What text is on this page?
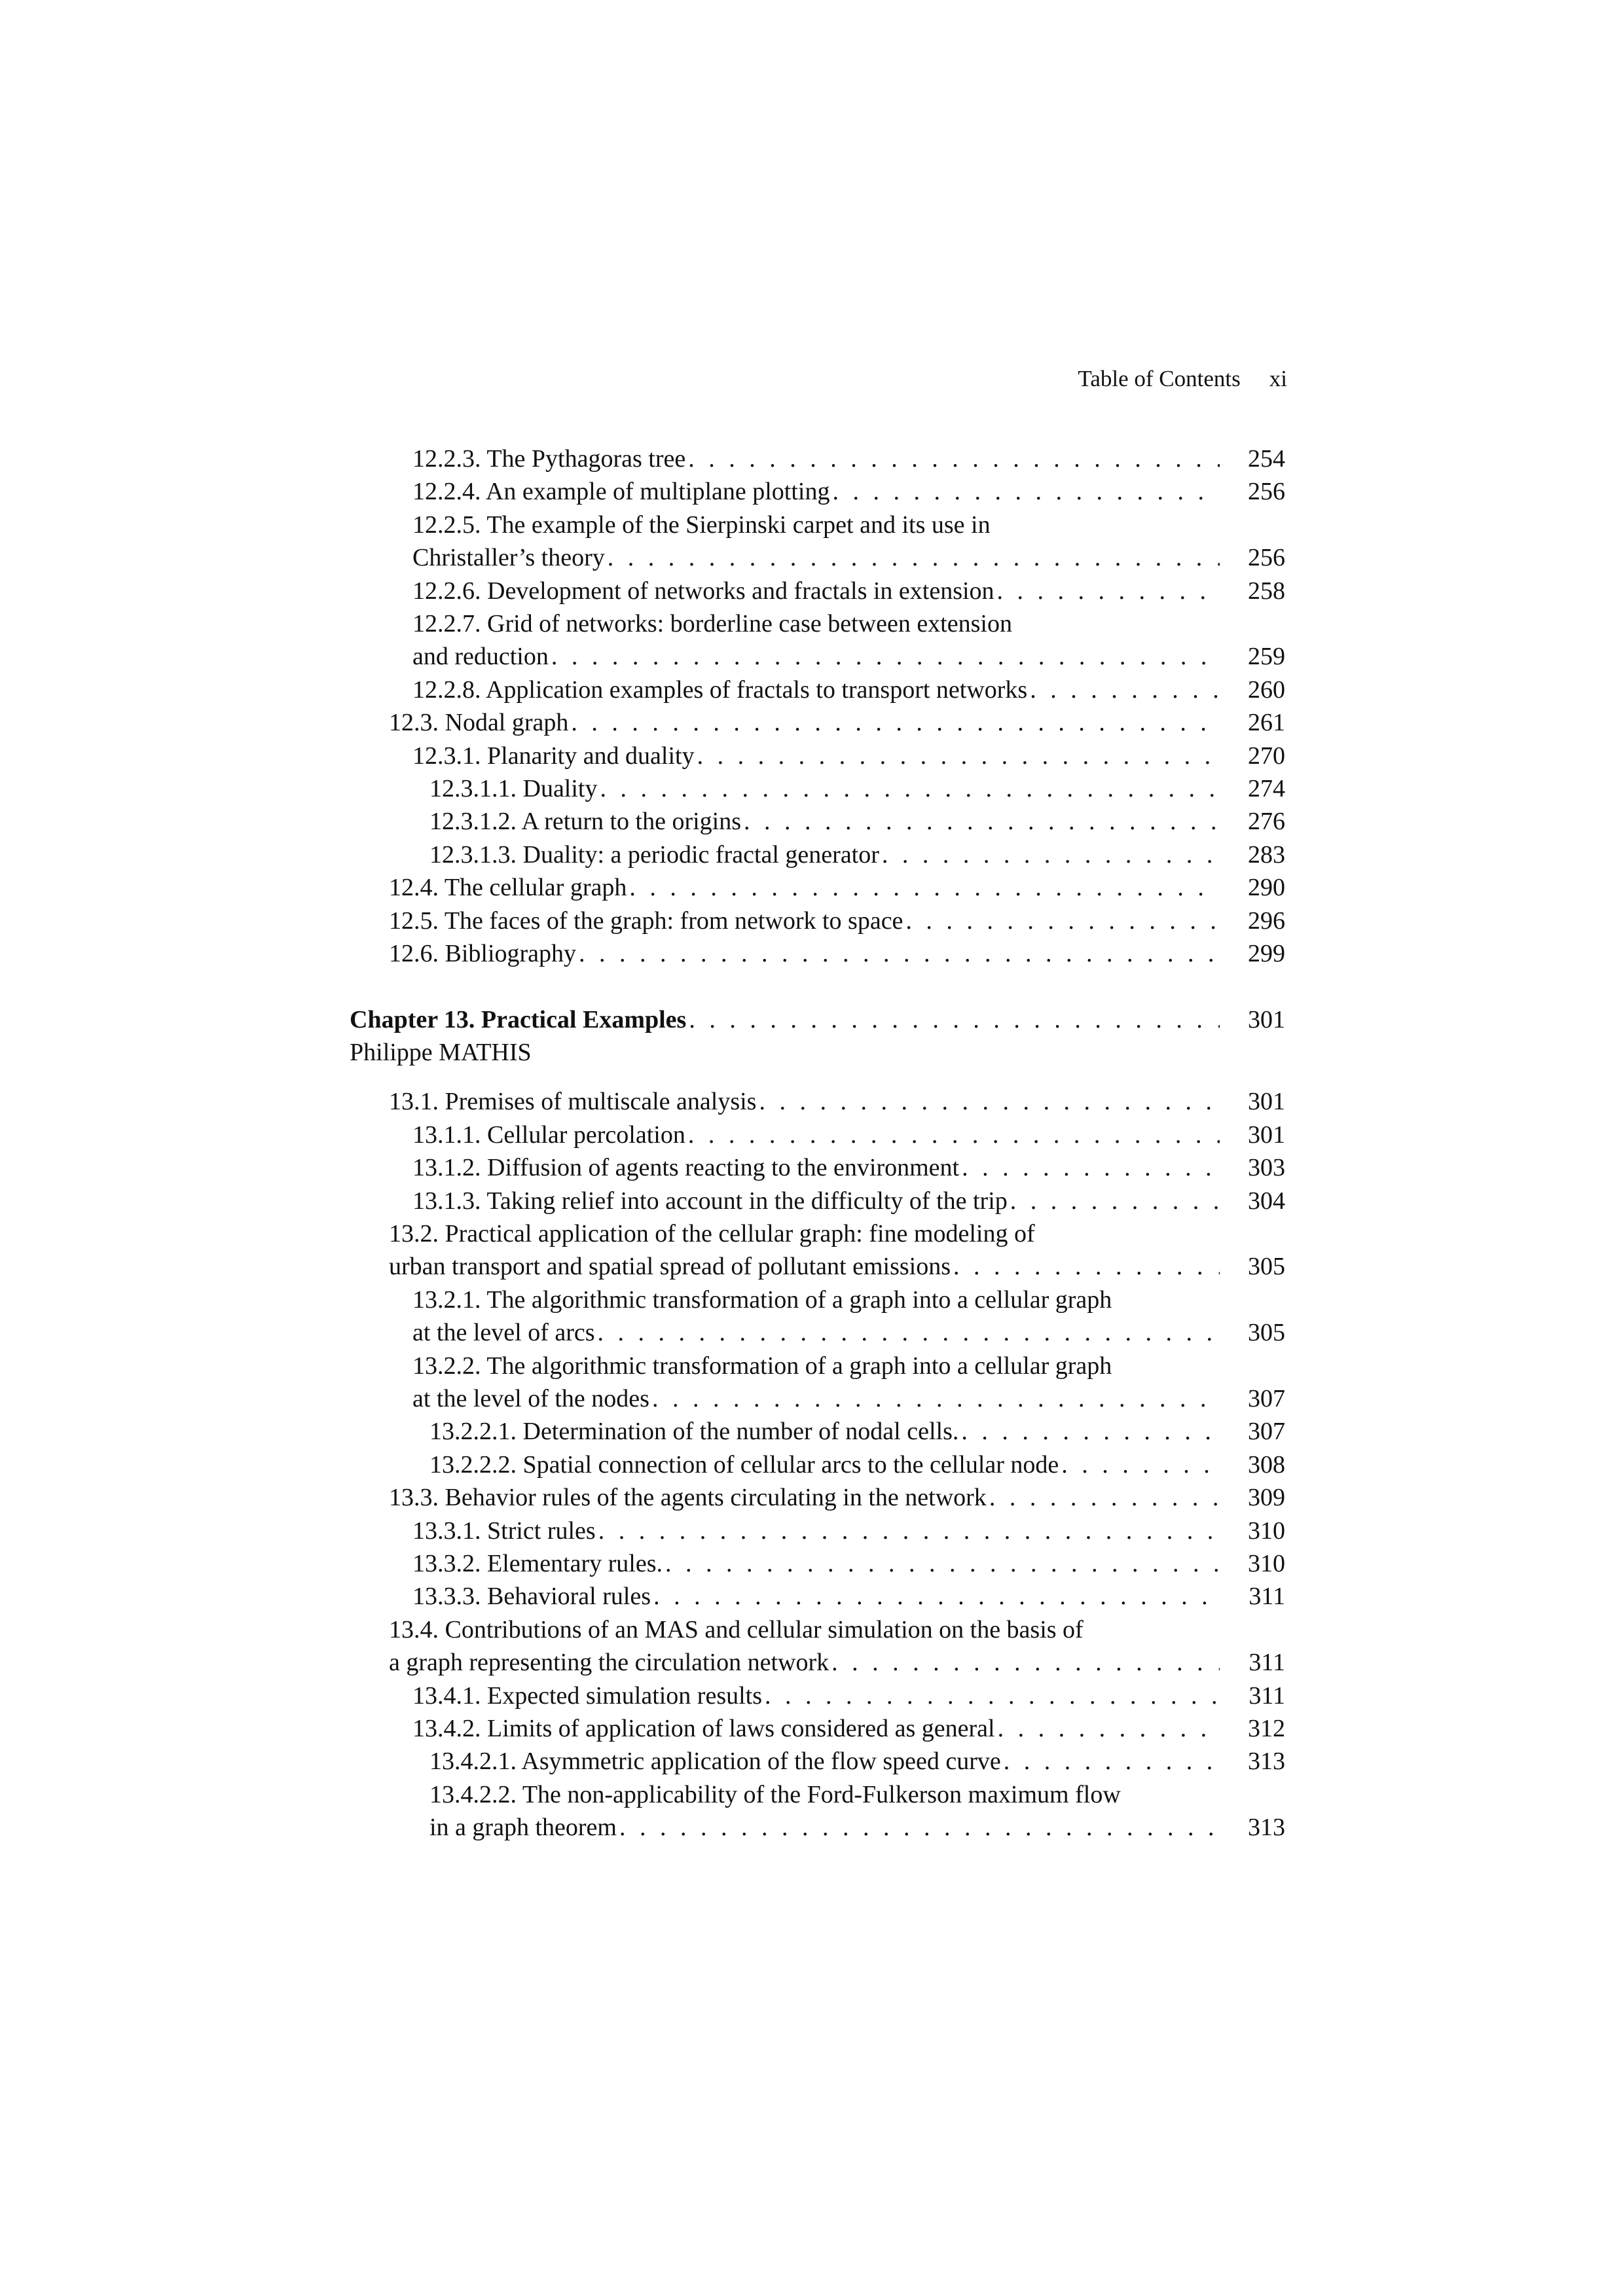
Table of Contents xi
12.2.3. The Pythagoras tree . . .	254
12.2.4. An example of multiplane plotting . . .	256
12.2.5. The example of the Sierpinski carpet and its use in
Christaller’s theory . . .	256
12.2.6. Development of networks and fractals in extension . . .	258
12.2.7. Grid of networks: borderline case between extension
and reduction . . .	259
12.2.8. Application examples of fractals to transport networks . . .	260
12.3. Nodal graph . . .	261
12.3.1. Planarity and duality . . .	270
12.3.1.1. Duality . . .	274
12.3.1.2. A return to the origins . . .	276
12.3.1.3. Duality: a periodic fractal generator . . .	283
12.4. The cellular graph . . .	290
12.5. The faces of the graph: from network to space . . .	296
12.6. Bibliography . . .	299
Chapter 13. Practical Examples . . .	301
Philippe MATHIS
13.1. Premises of multiscale analysis . . .	301
13.1.1. Cellular percolation . . .	301
13.1.2. Diffusion of agents reacting to the environment . . .	303
13.1.3. Taking relief into account in the difficulty of the trip . . .	304
13.2. Practical application of the cellular graph: fine modeling of
urban transport and spatial spread of pollutant emissions . . .	305
13.2.1. The algorithmic transformation of a graph into a cellular graph
at the level of arcs . . .	305
13.2.2. The algorithmic transformation of a graph into a cellular graph
at the level of the nodes . . .	307
13.2.2.1. Determination of the number of nodal cells. . . .	307
13.2.2.2. Spatial connection of cellular arcs to the cellular node . . .	308
13.3. Behavior rules of the agents circulating in the network . . .	309
13.3.1. Strict rules . . .	310
13.3.2. Elementary rules. . . .	310
13.3.3. Behavioral rules . . .	311
13.4. Contributions of an MAS and cellular simulation on the basis of
a graph representing the circulation network . . .	311
13.4.1. Expected simulation results . . .	311
13.4.2. Limits of application of laws considered as general . . .	312
13.4.2.1. Asymmetric application of the flow speed curve . . .	313
13.4.2.2. The non-applicability of the Ford-Fulkerson maximum flow
in a graph theorem . . .	313
